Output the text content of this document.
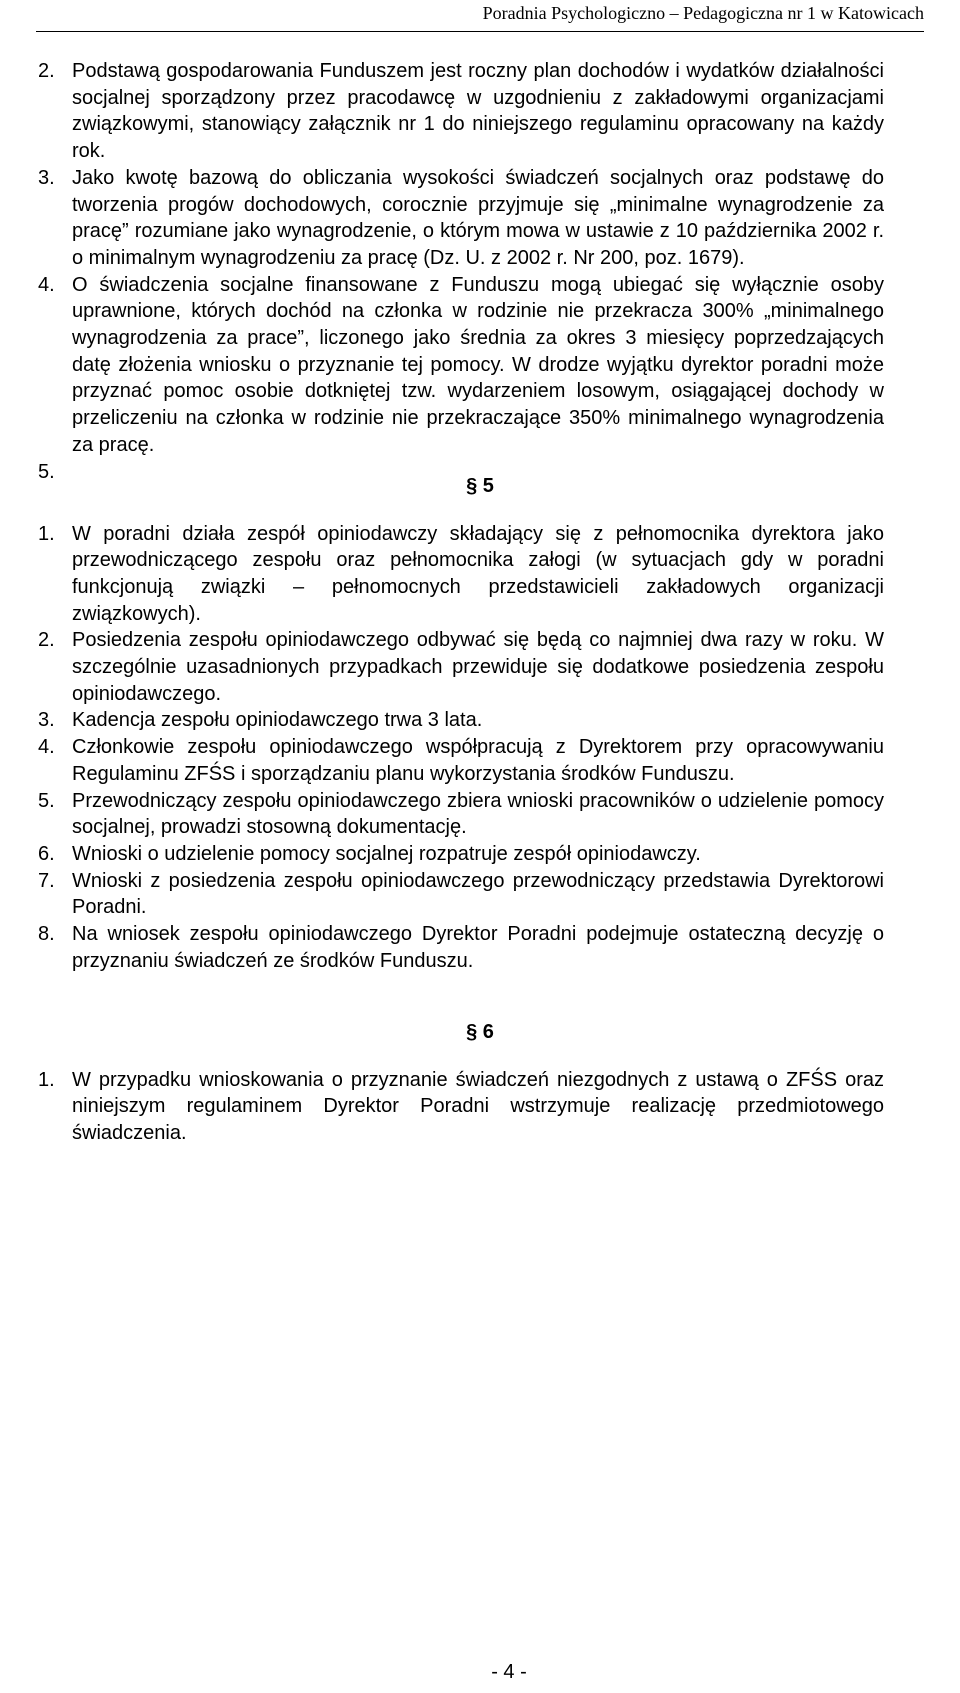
Poradnia Psychologiczno – Pedagogiczna nr 1 w Katowicach
2. Podstawą gospodarowania Funduszem jest roczny plan dochodów i wydatków działalności socjalnej sporządzony przez pracodawcę w uzgodnieniu z zakładowymi organizacjami związkowymi, stanowiący załącznik nr 1 do niniejszego regulaminu opracowany na każdy rok.
3. Jako kwotę bazową do obliczania wysokości świadczeń socjalnych oraz podstawę do tworzenia progów dochodowych, corocznie przyjmuje się „minimalne wynagrodzenie za pracę” rozumiane jako wynagrodzenie, o którym mowa w ustawie z 10 października 2002 r. o minimalnym wynagrodzeniu za pracę (Dz. U. z 2002 r. Nr 200, poz. 1679).
4. O świadczenia socjalne finansowane z Funduszu mogą ubiegać się wyłącznie osoby uprawnione, których dochód na członka w rodzinie nie przekracza 300% „minimalnego wynagrodzenia za prace”, liczonego jako średnia za okres 3 miesięcy poprzedzających datę złożenia wniosku o przyznanie tej pomocy. W drodze wyjątku dyrektor poradni może przyznać pomoc osobie dotkniętej tzw. wydarzeniem losowym, osiągającej dochody w przeliczeniu na członka w rodzinie nie przekraczające 350% minimalnego wynagrodzenia za pracę.
5.
§ 5
1. W poradni działa zespół opiniodawczy składający się z pełnomocnika dyrektora jako przewodniczącego zespołu oraz pełnomocnika załogi (w sytuacjach gdy w poradni funkcjonują związki – pełnomocnych przedstawicieli zakładowych organizacji związkowych).
2. Posiedzenia zespołu opiniodawczego odbywać się będą co najmniej dwa razy w roku. W szczególnie uzasadnionych przypadkach przewiduje się dodatkowe posiedzenia zespołu opiniodawczego.
3. Kadencja zespołu opiniodawczego trwa 3 lata.
4. Członkowie zespołu opiniodawczego współpracują z Dyrektorem przy opracowywaniu Regulaminu ZFŚS i sporządzaniu planu wykorzystania środków Funduszu.
5. Przewodniczący zespołu opiniodawczego zbiera wnioski pracowników o udzielenie pomocy socjalnej, prowadzi stosowną dokumentację.
6. Wnioski o udzielenie pomocy socjalnej rozpatruje zespół opiniodawczy.
7. Wnioski z posiedzenia zespołu opiniodawczego przewodniczący przedstawia Dyrektorowi Poradni.
8. Na wniosek zespołu opiniodawczego Dyrektor Poradni podejmuje ostateczną decyzję o przyznaniu świadczeń ze środków Funduszu.
§ 6
1. W przypadku wnioskowania o przyznanie świadczeń niezgodnych z ustawą o ZFŚS oraz niniejszym regulaminem Dyrektor Poradni wstrzymuje realizację przedmiotowego świadczenia.
- 4 -
